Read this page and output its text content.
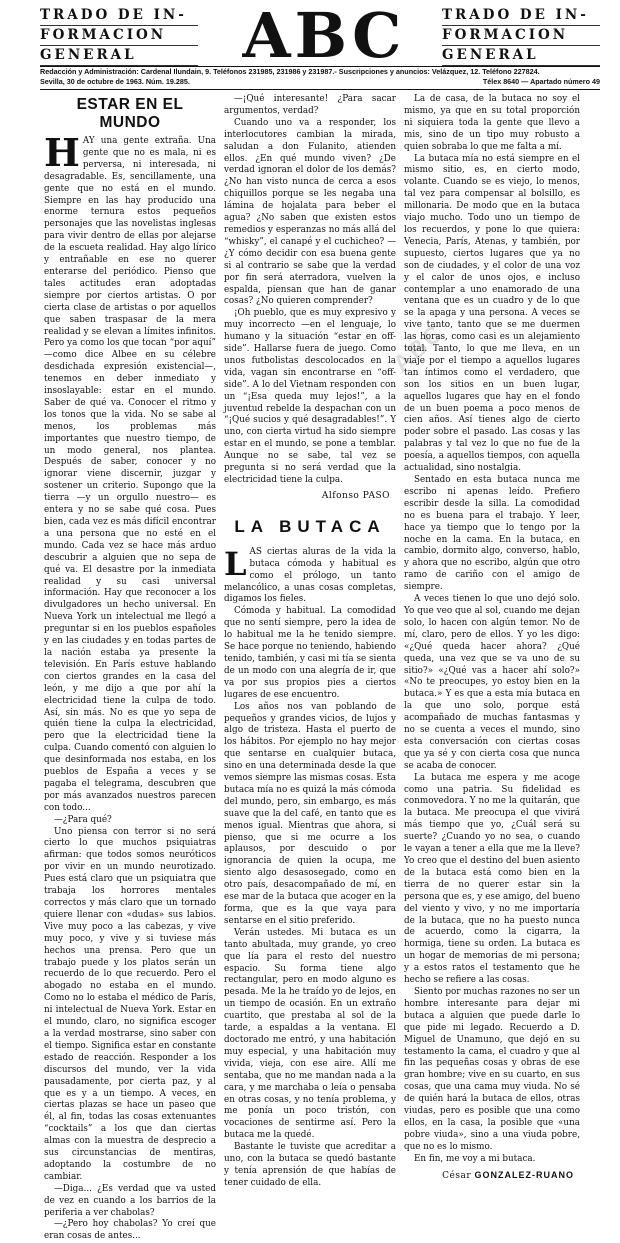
TRADO DE IN-
FORMACION
GENERAL	ABC	TRADO DE IN-
FORMACION
GENERAL
Redacción y Administración: Cardenal Ilundain, 9. Teléfonos 231985, 231986 y 231987.- Suscripciones y anuncios: Velázquez, 12. Teléfono 227824.
Sevilla, 30 de octubre de 1963. Núm. 19.285.	Télex 8640 — Apartado número 49
ESTAR EN EL MUNDO

HAY una gente extraña. Una gente que no es mala, ni es perversa, ni interesada, ni desagradable. Es, sencillamente, una gente que no está en el mundo. Siempre en las hay producido una enorme ternura estos pequeños personajes que las novelistas inglesas para vivir dentro de ellas por alejarse de la escueta realidad. Hay algo lírico y entrañable en ese no querer enterarse del periódico. Pienso que tales actitudes eran adoptadas siempre por ciertos artistas. O por cierta clase de artistas o por aquellos que saben traspasar de la mera realidad y se elevan a límites infinitos. Pero ya como los que tocan “por aquí” —como dice Albee en su célebre desdichada expresión existencial—, tenemos en deber inmediato y insoslayable: estar en el mundo. Saber de qué va. Conocer el ritmo y los tonos que la vida. No se sabe al menos, los problemas más importantes que nuestro tiempo, de un modo general, nos plantea. Después de saber, conocer y no ignorar viene discernir, juzgar y sostener un criterio. Supongo que la tierra —y un orgullo nuestro— es entera y no se sabe qué cosa. Pues bien, cada vez es más difícil encontrar a una persona que no esté en el mundo. Cada vez se hace más arduo descubrir a alguien que no sepa de qué va. El desastre por la inmediata realidad y su casi universal información. Hay que reconocer a los divulgadores un hecho universal. En Nueva York un intelectual me llegó a preguntar si en los pueblos españoles y en las ciudades y en todas partes de la nación estaba ya presente la televisión. En París estuve hablando con ciertos grandes en la casa del león, y me dijo a que por ahí la electricidad tiene la culpa de todo. Así, sin más. No es que yo sepa de quién tiene la culpa la electricidad, pero que la electricidad tiene la culpa. Cuando comentó con alguien lo que desinformada nos estaba, en los pueblos de España a veces y se pagaba el telegrama, descubren que por más avanzados nuestros parecen con todo...

—¿Para qué?

Uno piensa con terror si no será cierto lo que muchos psiquiatras afirman: que todos somos neuróticos por vivir en un mundo neurotizado. Pues está claro que un psiquiatra que trabaja los horrores mentales correctos y más claro que un tornado quiere llenar con «dudas» sus labios. Vive muy poco a las cabezas, y vive muy poco, y vive y si tuviese más hechos una prensa. Pero que un trabajo puede y los platos serán un recuerdo de lo que recuerdo. Pero el abogado no estaba en el mundo. Como no lo estaba el médico de París, ni intelectual de Nueva York. Estar en el mundo, claro, no significa escoger a la verdad mostrarse, sino saber con el tiempo. Significa estar en constante estado de reacción. Responder a los discursos del mundo, ver la vida pausadamente, por cierta paz, y al que es y a un tiempo. A veces, en ciertas plazas se hace un paseo que él, al fin, todas las cosas extenuantes “cocktails” a los que dan ciertas almas con la muestra de desprecio a sus circunstancias de mentiras, adoptando la costumbre de no cambiar.

—Diga... ¿Es verdad que va usted de vez en cuando a los barrios de la periferia a ver chabolas?

—¿Pero hoy chabolas? Yo creí que eran cosas de antes...

—¡Qué interesante! ¿Para sacar argumentos, verdad?

Cuando uno va a responder, los interlocutores cambian la mirada, saludan a don Fulanito, atienden ellos. ¿En qué mundo viven? ¿De verdad ignoran el dolor de los demás? ¿No han visto nunca de cerca a esos chiquillos porque se les negaba una lámina de hojalata para beber el agua? ¿No saben que existen estos remedios y esperanzas no más allá del “whisky”, el canapé y el cuchicheo? —¿Y cómo decidir con esa buena gente si al contrario se sabe que la verdad por fin será aterradora, vuelven la espalda, piensan que han de ganar cosas? ¿No quieren comprender?

¡Oh pueblo, que es muy expresivo y muy incorrecto —en el lenguaje, lo humano y la situación “estar en off-side”. Hallarse fuera de juego. Como unos futbolistas descolocados en la vida, vagan sin encontrarse en “off-side”. A lo del Vietnam responden con un “¡Esa queda muy lejos!”, a la juventud rebelde la despachan con un “¡Qué sucios y qué desagradables!”. Y uno, con cierta virtud ha sido siempre estar en el mundo, se pone a temblar. Aunque no se sabe, tal vez se pregunta si no será verdad que la electricidad tiene la culpa.

Alfonso PASO
LA BUTACA

LAS ciertas aluras de la vida la butaca cómoda y habitual es como el prólogo, un tanto melancólico, a unas cosas completas, digamos los fieles.

Cómoda y habitual. La comodidad que no sentí siempre, pero la idea de lo habitual me la he tenido siempre. Se hace porque no teniendo, habiendo tenido, también, y casi mi tía se sienta de un modo con una alegría de ir, que va por sus propios pies a ciertos lugares de ese encuentro.

Los años nos van poblando de pequeños y grandes vicios, de lujos y algo de tristeza. Hasta el puerto de los hábitos. Por ejemplo no hay mejor que sentarse en cualquier butaca, sino en una determinada desde la que vemos siempre las mismas cosas. Esta butaca mía no es quizá la más cómoda del mundo, pero, sin embargo, es más suave que la del café, en tanto que es menos igual. Mientras que ahora, si pienso, que si me ocurre a los aplausos, por descuido o por ignorancia de quien la ocupa, me siento algo desasosegado, como en otro país, desacompañado de mí, en ese mar de la butaca que acoger en la forma, que es la que vaya para sentarse en el sitio preferido.

Verán ustedes. Mi butaca es un tanto abultada, muy grande, yo creo que lía para el resto del nuestro espacio. Su forma tiene algo rectangular, pero en modo alguno es pesada. Me la he traído yo de lejos, en un tiempo de ocasión. En un extraño cuartito, que prestaba al sol de la tarde, a espaldas a la ventana. El doctorado me entró, y una habitación muy especial, y una habitación muy vivida, vieja, con ese aire. Allí me sentaba, que no me mandan nada a la cara, y me marchaba o leía o pensaba en otras cosas, y no tenía problema, y me ponía un poco tristón, con vocaciones de sentirme así. Pero la butaca me la quedé.

Bastante le tuviste que acreditar a uno, con la butaca se quedó bastante y tenía aprensión de que habías de tener cuidado de ella.

La de casa, de la butaca no soy el mismo, ya que en su total proporción ni siquiera toda la gente que llevo a mis, sino de un tipo muy robusto a quien sobraba lo que me falta a mí.

La butaca mía no está siempre en el mismo sitio, es, en cierto modo, volante. Cuando se es viejo, lo menos, tal vez para compensar al bolsillo, es millonaria. De modo que en la butaca viajo mucho. Todo uno un tiempo de los recuerdos, y pone lo que quiera: Venecia, París, Atenas, y también, por supuesto, ciertos lugares que ya no son de ciudades, y el color de una voz y el calor de unos ojos, e incluso contemplar a uno enamorado de una ventana que es un cuadro y de lo que se la apaga y una persona. A veces se vive tanto, tanto que se me duermen las horas, como casi es un alejamiento total. Tanto, lo que me lleva, en un viaje por el tiempo a aquellos lugares tan íntimos como el verdadero, que son los sitios en un buen lugar, aquellos lugares que hay en el fondo de un buen poema a poco menos de cien años. Así tienes algo de cierto poder sobre el pasado. Las cosas y las palabras y tal vez lo que no fue de la poesía, a aquellos tiempos, con aquella actualidad, sino nostalgia.

Sentado en esta butaca nunca me escribo ni apenas leído. Prefiero escribir desde la silla. La comodidad no es buena para el trabajo. Y leer, hace ya tiempo que lo tengo por la noche en la cama. En la butaca, en cambio, dormito algo, converso, hablo, y ahora que no escribo, algún que otro ramo de cariño con el amigo de siempre.

A veces tienen lo que uno dejó solo. Yo que veo que al sol, cuando me dejan solo, lo hacen con algún temor. No de mí, claro, pero de ellos. Y yo les digo: «¿Qué queda hacer ahora? ¿Qué queda, una vez que se va uno de su sitio?» «¿Qué vas a hacer ahí solo?» «No te preocupes, yo estoy bien en la butaca.» Y es que a esta mía butaca en la que uno solo, porque está acompañado de muchas fantasmas y no se cuenta a veces el mundo, sino esta conversación con ciertas cosas que ya sé y con cierta cosa que nunca se acaba de conocer.

La butaca me espera y me acoge como una patria. Su fidelidad es conmovedora. Y no me la quitarán, que la butaca. Me preocupa el que vivirá más tiempo que yo, ¿Cuál será su suerte? ¿Cuando yo no sea, o cuando le vayan a tener a ella que me la lleve? Yo creo que el destino del buen asiento de la butaca está como bien en la tierra de no querer estar sin la persona que es, y ese amigo, del bueno del viento y vivo, y no me importaría de la butaca, que no ha puesto nunca de acuerdo, como la cigarra, la hormiga, tiene su orden. La butaca es un hogar de memorias de mi persona; y a estos ratos el testamento que he hecho se refiere a las cosas.

Siento por muchas razones no ser un hombre interesante para dejar mi butaca a alguien que puede darle lo que pide mi legado. Recuerdo a D. Miguel de Unamuno, que dejó en su testamento la cama, el cuadro y que al fin las pequeñas cosas y obras de ese gran hombre; vive en su cuarto, en sus cosas, que una cama muy viuda. No sé de quién hará la butaca de ellos, otras viudas, pero es posible que una como ellos, en la casa, la posible que «una pobre viuda», sino a una viuda pobre, que no es lo mismo.

En fin, me voy a mi butaca.

César GONZALEZ-RUANO
ABC
